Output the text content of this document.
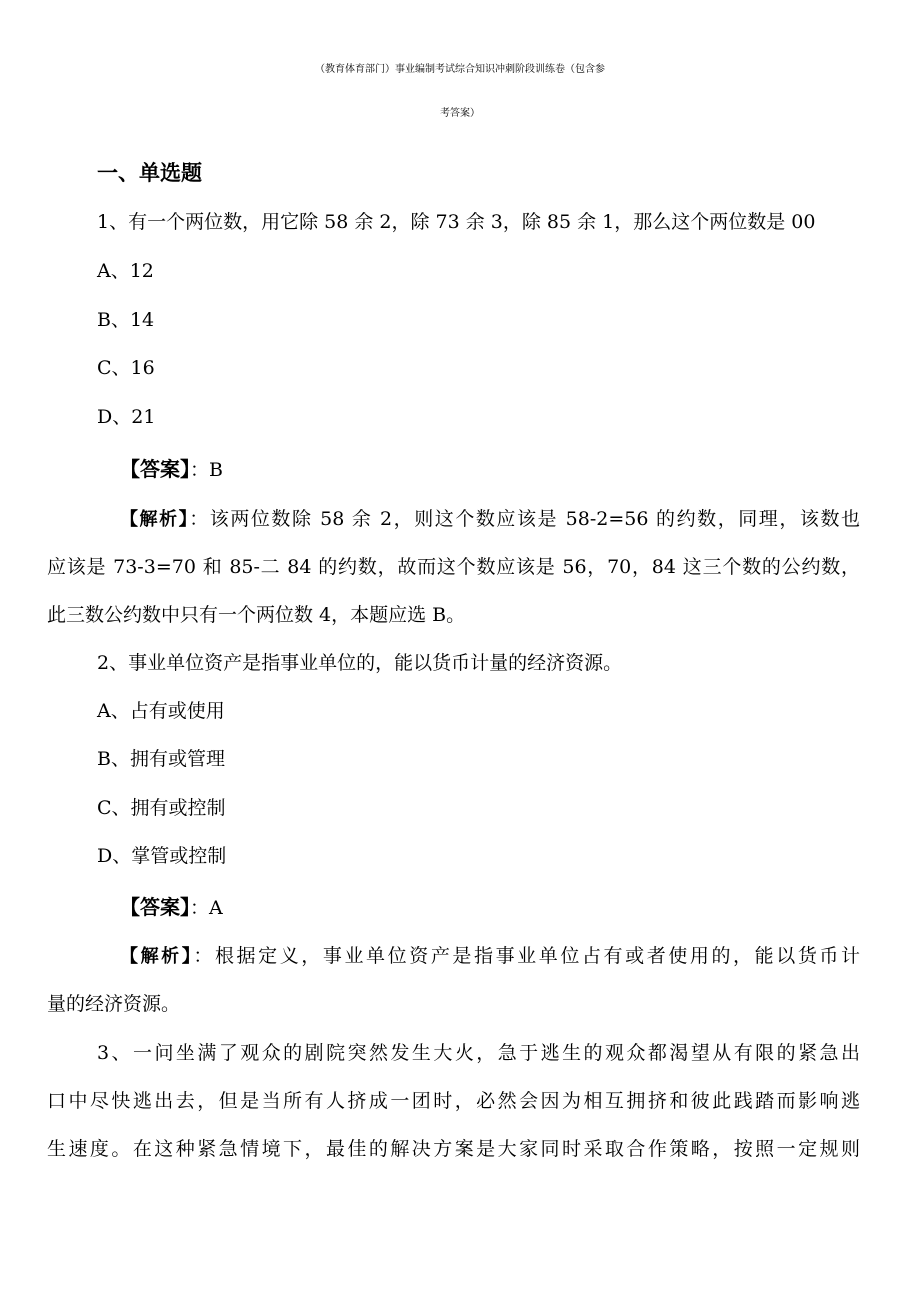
（教育体育部门）事业编制考试综合知识冲刺阶段训练卷（包含参
考答案）
一、单选题
1、有一个两位数，用它除 58 余 2，除 73 余 3，除 85 余 1，那么这个两位数是 00
A、12
B、14
C、16
D、21
【答案】：B
【解析】：该两位数除 58 余 2，则这个数应该是 58-2=56 的约数，同理，该数也
应该是 73-3=70 和 85-二 84 的约数，故而这个数应该是 56，70，84 这三个数的公约数，
此三数公约数中只有一个两位数 4，本题应选 B。
2、事业单位资产是指事业单位的，能以货币计量的经济资源。
A、占有或使用
B、拥有或管理
C、拥有或控制
D、掌管或控制
【答案】：A
【解析】：根据定义，事业单位资产是指事业单位占有或者使用的，能以货币计
量的经济资源。
3、一问坐满了观众的剧院突然发生大火，急于逃生的观众都渴望从有限的紧急出
口中尽快逃出去，但是当所有人挤成一团时，必然会因为相互拥挤和彼此践踏而影响逃
生速度。在这种紧急情境下，最佳的解决方案是大家同时采取合作策略，按照一定规则
